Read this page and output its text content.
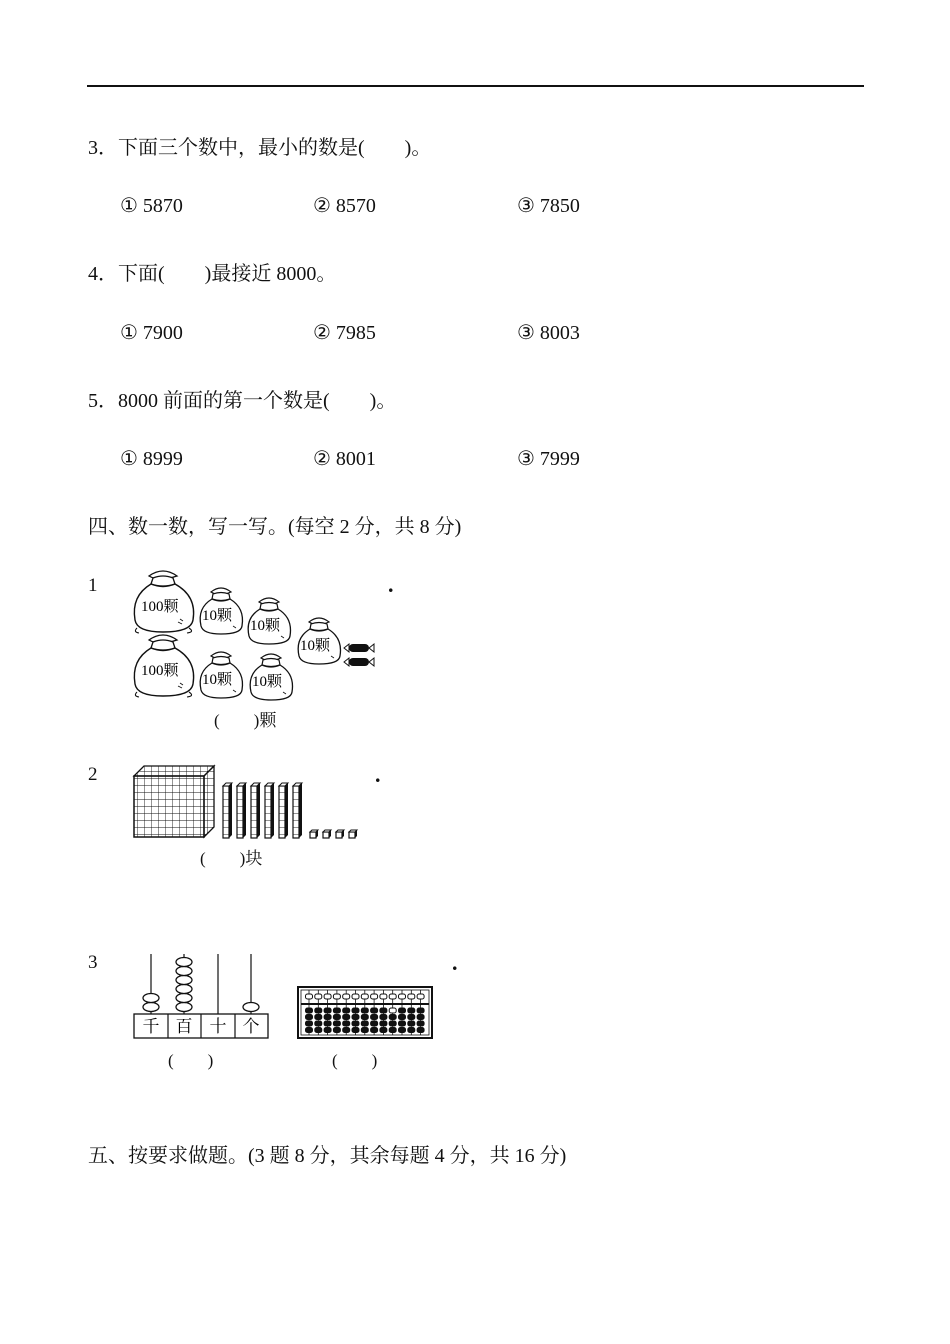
3．下面三个数中，最小的数是(　　)。
① 5870	② 8570	③ 7850
4．下面(　　)最接近 8000。
① 7900	② 7985	③ 8003
5．8000 前面的第一个数是(　　)。
① 8999	② 8001	③ 7999
四、数一数，写一写。(每空 2 分，共 8 分)
1	.
100颗
10颗
10颗
10颗
100颗
10颗 10颗
(　　)颗
2	.
(　　)块
3	.
千 百 十 个
(　　)	(　　)
五、按要求做题。(3 题 8 分，其余每题 4 分，共 16 分)
